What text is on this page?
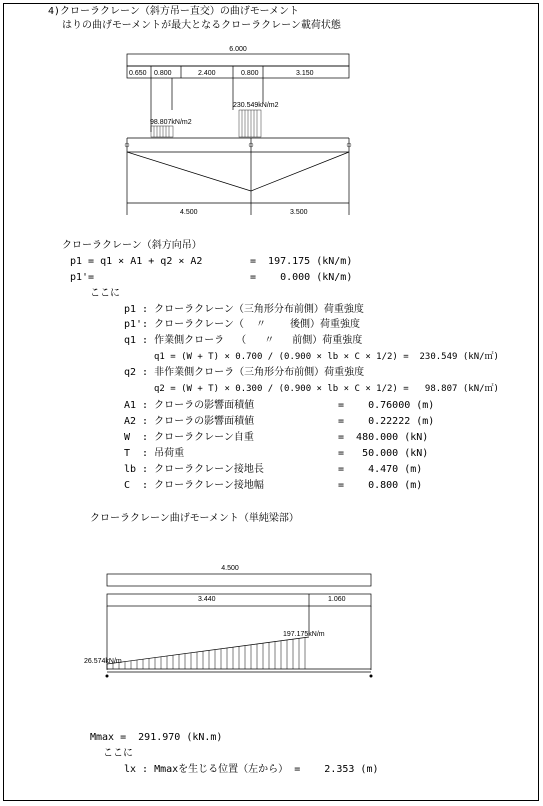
4)クローラクレーン（斜方吊ー直交）の曲げモーメント
はりの曲げモーメントが最大となるクローラクレーン載荷状態
6.000
0.650 0.800	2.400	0.800	3.150
98.807kN/m2
230.549kN/m2
4.500	3.500
クローラクレーン（斜方向吊）
p1 = q1 × A1 + q2 × A2	=  197.175 (kN/m)
p1'=	=    0.000 (kN/m)
ここに
p1 : クローラクレーン（三角形分布前側）荷重強度
p1': クローラクレーン（  〃    後側）荷重強度
q1 : 作業側クローラ  （   〃   前側）荷重強度
q1 = (W + T) × 0.700 / (0.900 × lb × C × 1/2) =  230.549 (kN/㎡)
q2 : 非作業側クローラ（三角形分布前側）荷重強度
q2 = (W + T) × 0.300 / (0.900 × lb × C × 1/2) =   98.807 (kN/㎡)
A1 : クローラの影響面積値	=    0.76000 (m)
A2 : クローラの影響面積値	=    0.22222 (m)
W  : クローラクレーン自重	=  480.000 (kN)
T  : 吊荷重	=   50.000 (kN)
lb : クローラクレーン接地長	=    4.470 (m)
C  : クローラクレーン接地幅	=    0.800 (m)
クローラクレーン曲げモーメント（単純梁部）
4.500
3.440	1.060
197.175kN/m
26.574kN/m
Mmax =  291.970 (kN.m)
ここに
lx : Mmaxを生じる位置（左から） =    2.353 (m)
